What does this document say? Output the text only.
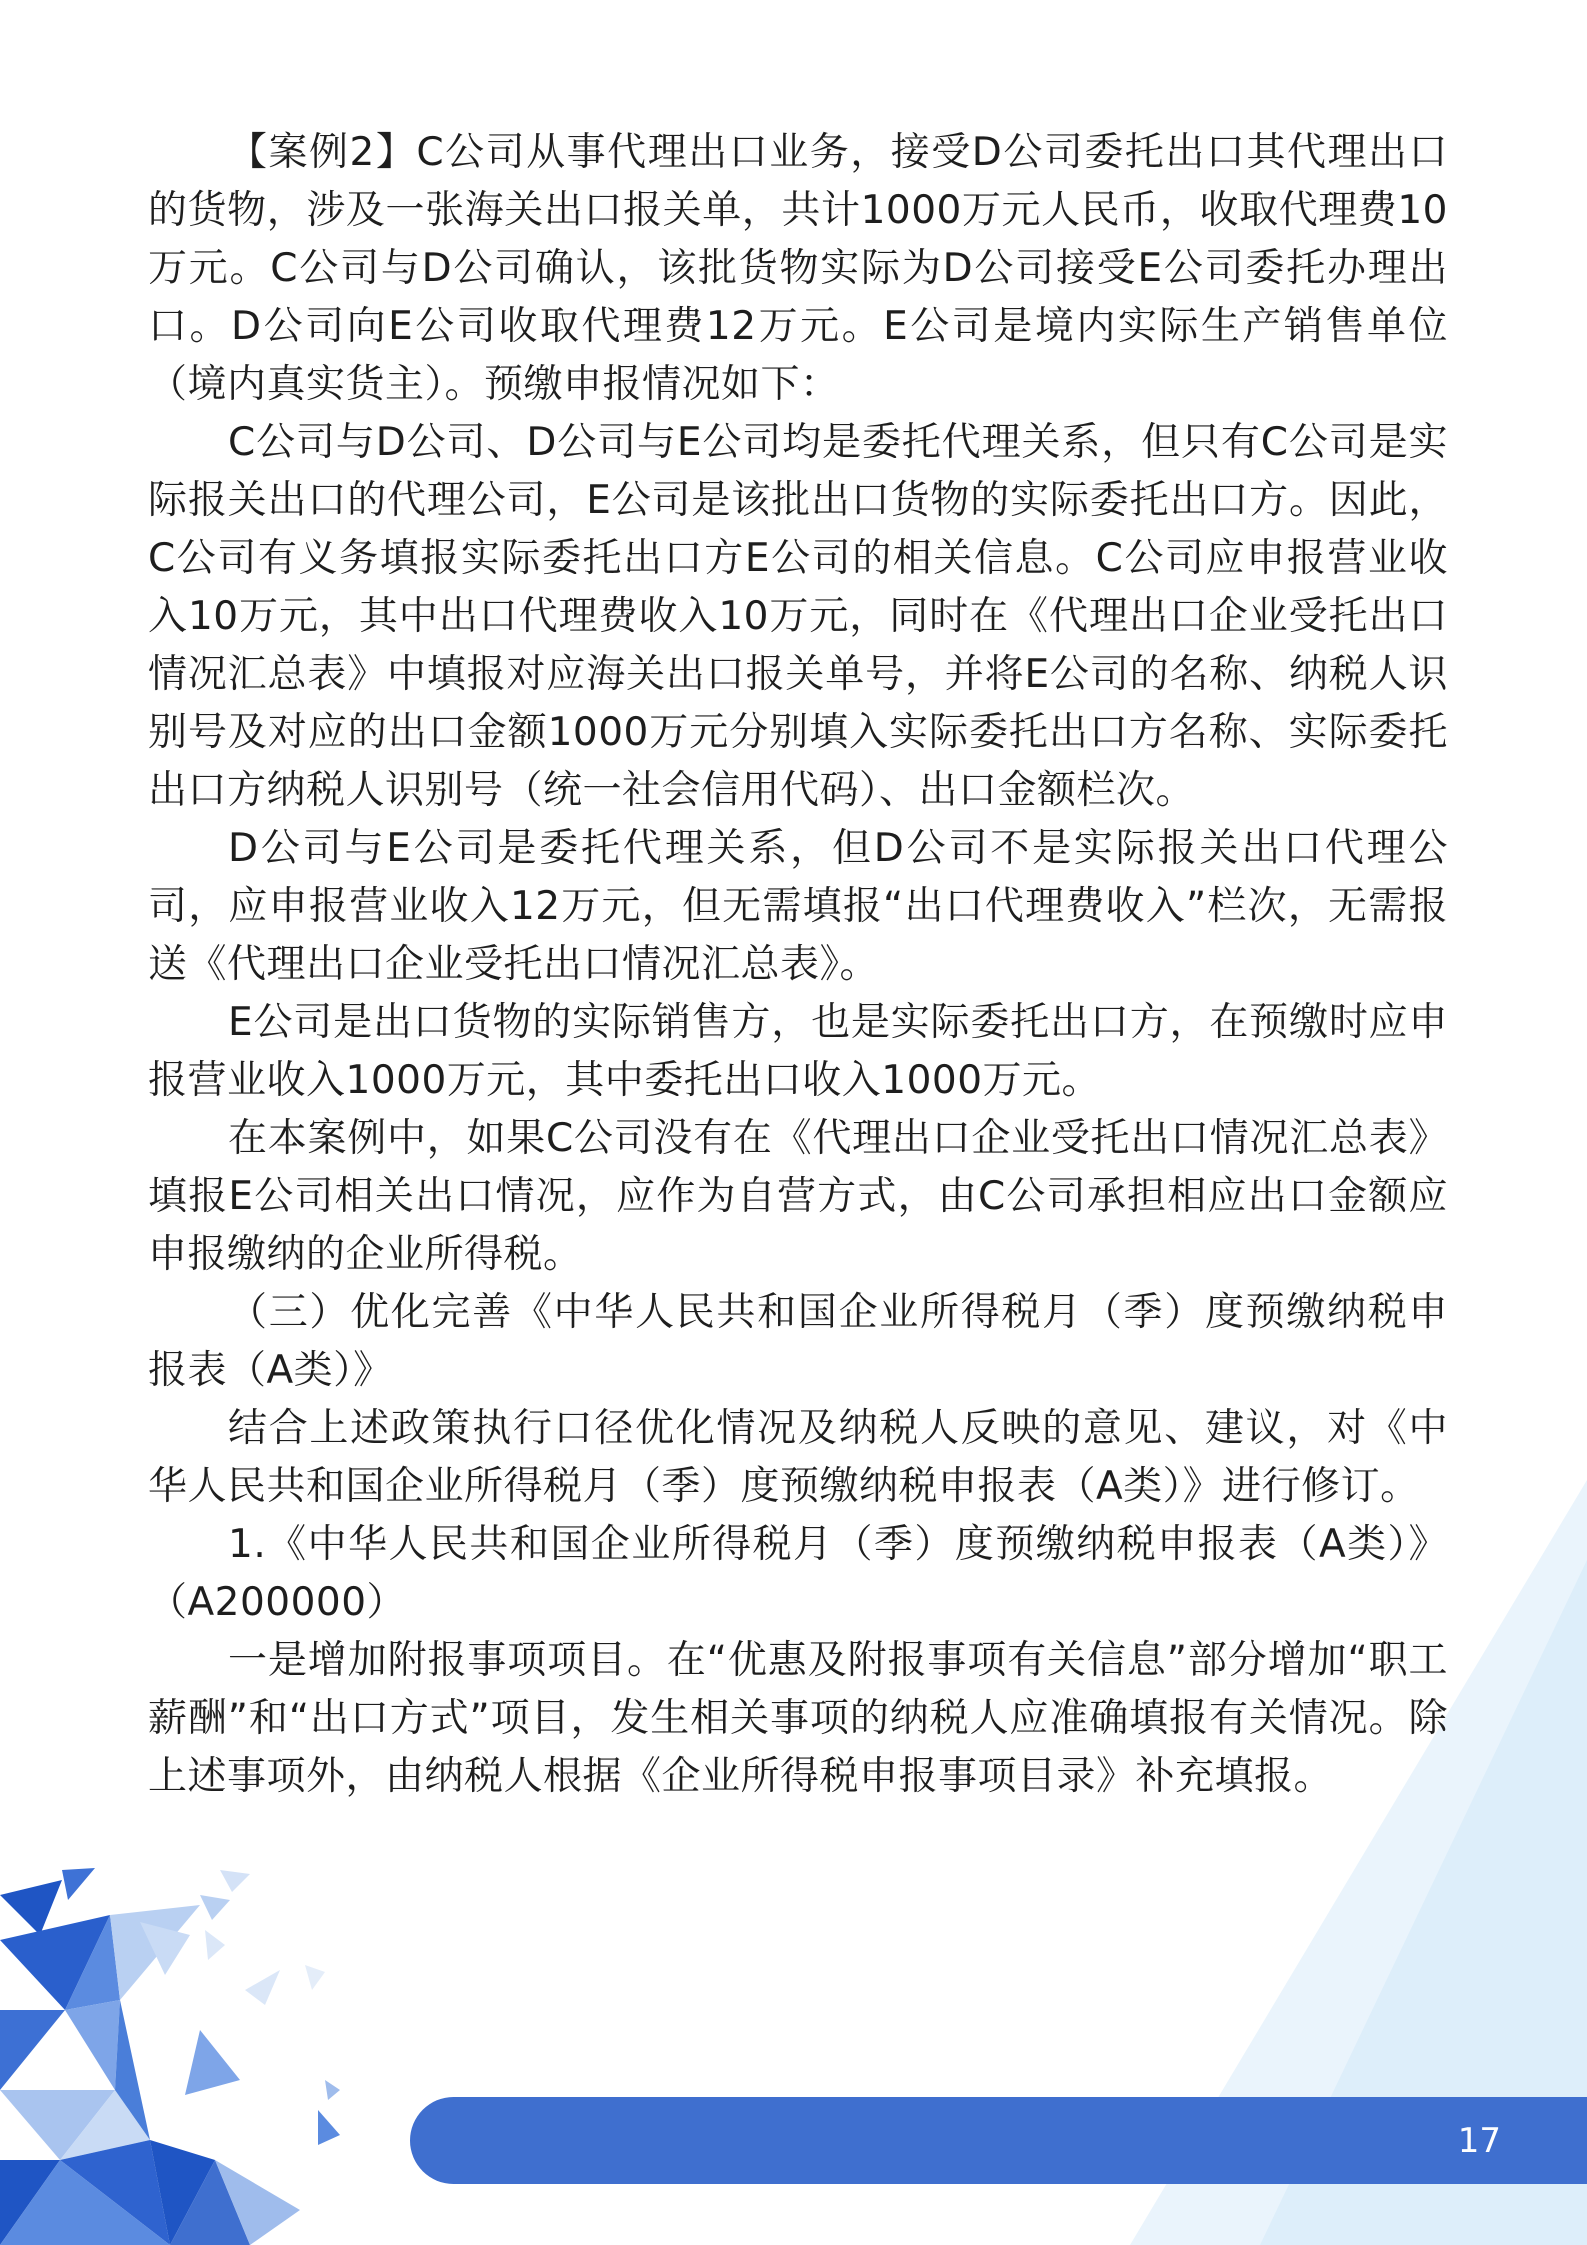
【案例2】C公司从事代理出口业务，接受D公司委托出口其代理出口的货物，涉及一张海关出口报关单，共计1000万元人民币，收取代理费10万元。C公司与D公司确认，该批货物实际为D公司接受E公司委托办理出口。D公司向E公司收取代理费12万元。E公司是境内实际生产销售单位（境内真实货主）。预缴申报情况如下：

C公司与D公司、D公司与E公司均是委托代理关系，但只有C公司是实际报关出口的代理公司，E公司是该批出口货物的实际委托出口方。因此，C公司有义务填报实际委托出口方E公司的相关信息。C公司应申报营业收入10万元，其中出口代理费收入10万元，同时在《代理出口企业受托出口情况汇总表》中填报对应海关出口报关单号，并将E公司的名称、纳税人识别号及对应的出口金额1000万元分别填入实际委托出口方名称、实际委托出口方纳税人识别号（统一社会信用代码）、出口金额栏次。

D公司与E公司是委托代理关系，但D公司不是实际报关出口代理公司，应申报营业收入12万元，但无需填报“出口代理费收入”栏次，无需报送《代理出口企业受托出口情况汇总表》。

E公司是出口货物的实际销售方，也是实际委托出口方，在预缴时应申报营业收入1000万元，其中委托出口收入1000万元。

在本案例中，如果C公司没有在《代理出口企业受托出口情况汇总表》填报E公司相关出口情况，应作为自营方式，由C公司承担相应出口金额应申报缴纳的企业所得税。

（三）优化完善《中华人民共和国企业所得税月（季）度预缴纳税申报表（A类）》

结合上述政策执行口径优化情况及纳税人反映的意见、建议，对《中华人民共和国企业所得税月（季）度预缴纳税申报表（A类）》进行修订。

1.《中华人民共和国企业所得税月（季）度预缴纳税申报表（A类）》（A200000）

一是增加附报事项项目。在“优惠及附报事项有关信息”部分增加“职工薪酬”和“出口方式”项目，发生相关事项的纳税人应准确填报有关情况。除上述事项外，由纳税人根据《企业所得税申报事项目录》补充填报。

17
